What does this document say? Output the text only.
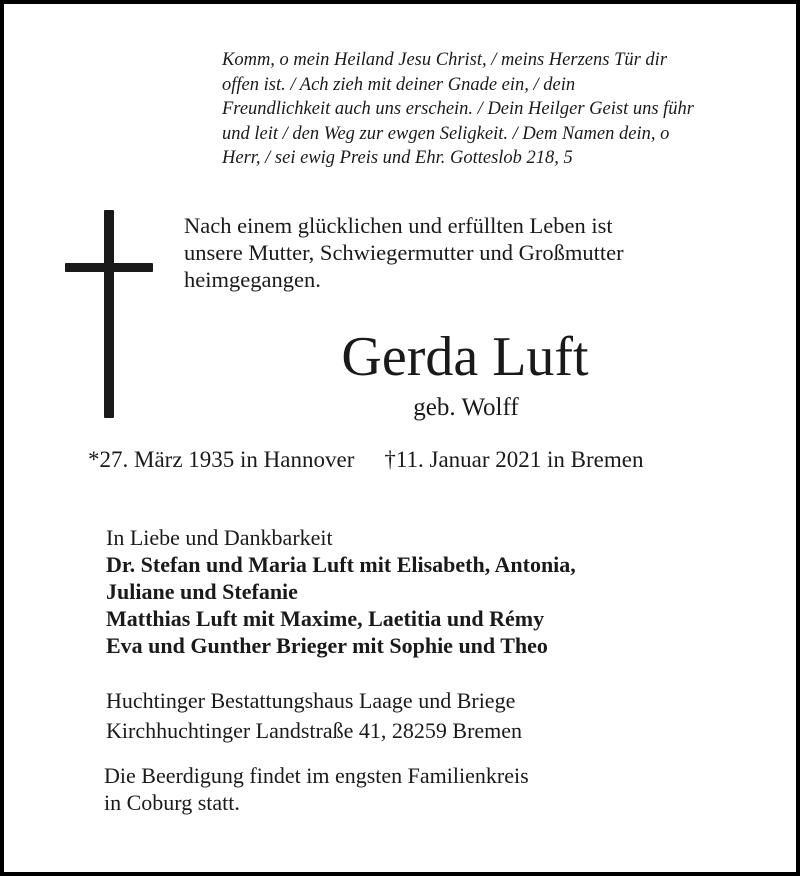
Komm, o mein Heiland Jesu Christ, / meins Herzens Tür dir
offen ist. / Ach zieh mit deiner Gnade ein, / dein
Freundlichkeit auch uns erschein. / Dein Heilger Geist uns führ
und leit / den Weg zur ewgen Seligkeit. / Dem Namen dein, o
Herr, / sei ewig Preis und Ehr. Gotteslob 218, 5
Nach einem glücklichen und erfüllten Leben ist
unsere Mutter, Schwiegermutter und Großmutter
heimgegangen.
Gerda Luft
geb. Wolff
*27. März 1935 in Hannover †11. Januar 2021 in Bremen
In Liebe und Dankbarkeit
Dr. Stefan und Maria Luft mit Elisabeth, Antonia,
Juliane und Stefanie
Matthias Luft mit Maxime, Laetitia und Rémy
Eva und Gunther Brieger mit Sophie und Theo
Huchtinger Bestattungshaus Laage und Briege
Kirchhuchtinger Landstraße 41, 28259 Bremen
Die Beerdigung findet im engsten Familienkreis
in Coburg statt.
